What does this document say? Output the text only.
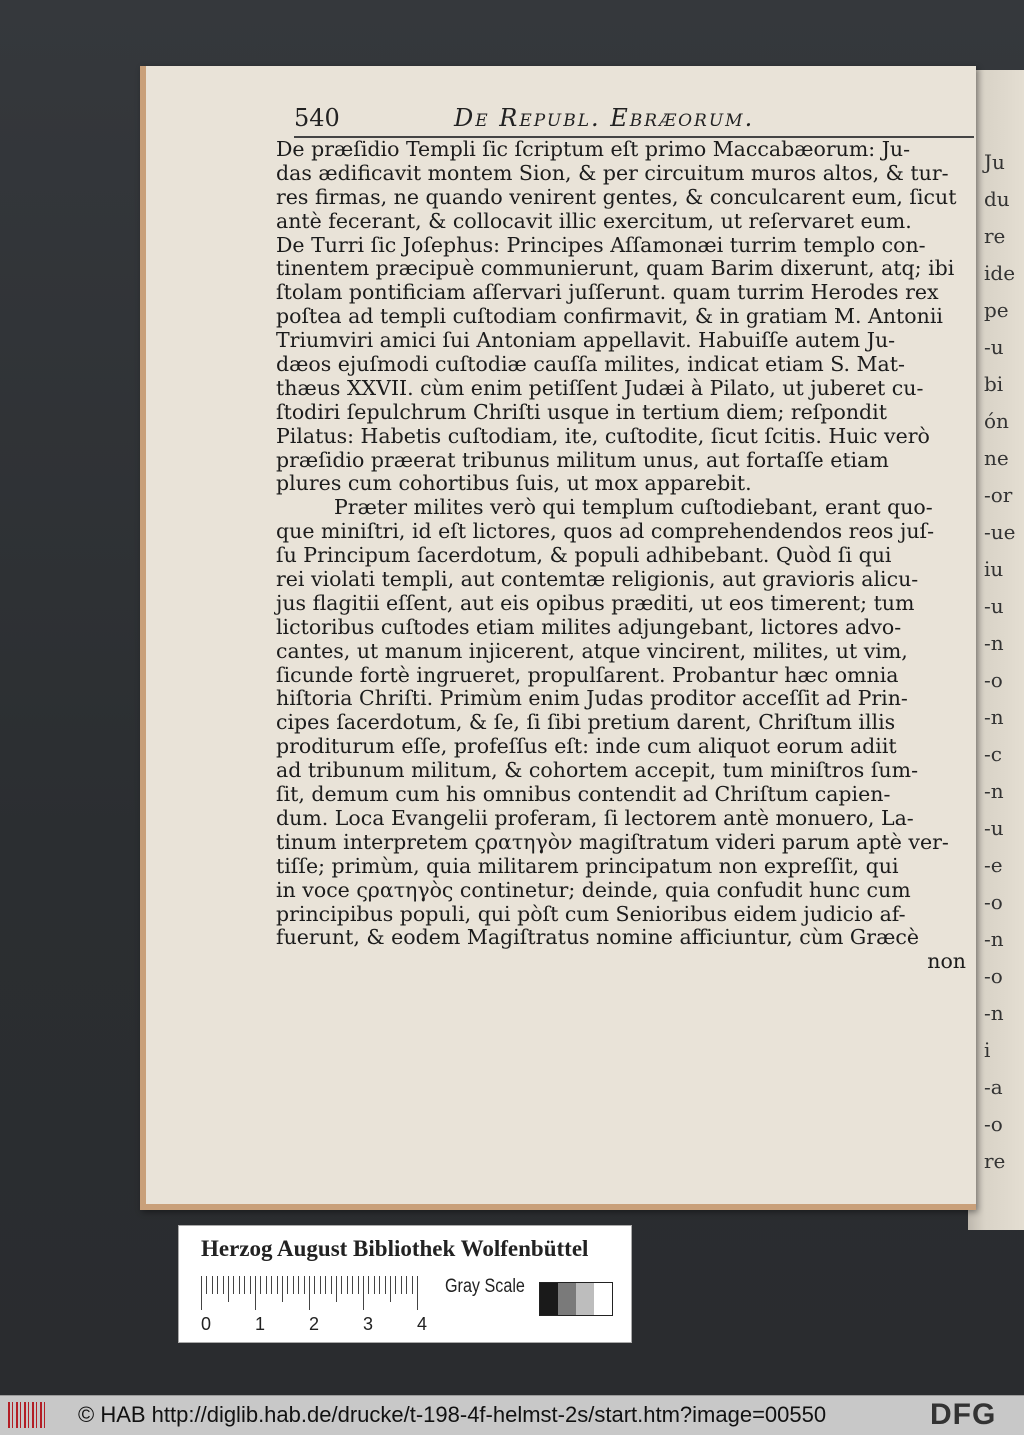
Ju
du
re
ide
pe
-u
bi
ón
ne
-or
-ue
iu
-u
-n
-o
-n
-c
-n
-u
-e
-o
-n
-o
-n
i
-a
-o
re
540	De Republ. Ebræorum.
De præſidio Templi ſic ſcriptum eſt primo Maccabæorum: Ju-
das ædificavit montem Sion, & per circuitum muros altos, & tur-
res firmas, ne quando venirent gentes, & conculcarent eum, ſicut
antè fecerant, & collocavit illic exercitum, ut reſervaret eum.
De Turri ſic Joſephus: Principes Aſſamonæi turrim templo con-
tinentem præcipuè communierunt, quam Barim dixerunt, atq; ibi
ſtolam pontificiam aſſervari juſſerunt. quam turrim Herodes rex
poſtea ad templi cuſtodiam confirmavit, & in gratiam M. Antonii
Triumviri amici ſui Antoniam appellavit. Habuiſſe autem Ju-
dæos ejuſmodi cuſtodiæ cauſſa milites, indicat etiam S. Mat-
thæus XXVII. cùm enim petiſſent Judæi à Pilato, ut juberet cu-
ſtodiri ſepulchrum Chriſti usque in tertium diem; reſpondit
Pilatus: Habetis cuſtodiam, ite, cuſtodite, ſicut ſcitis. Huic verò
præſidio præerat tribunus militum unus, aut fortaſſe etiam
plures cum cohortibus ſuis, ut mox apparebit.
Præter milites verò qui templum cuſtodiebant, erant quo-
que miniſtri, id eſt lictores, quos ad comprehendendos reos juſ-
ſu Principum ſacerdotum, & populi adhibebant. Quòd ſi qui
rei violati templi, aut contemtæ religionis, aut gravioris alicu-
jus flagitii eſſent, aut eis opibus præditi, ut eos timerent; tum
lictoribus cuſtodes etiam milites adjungebant, lictores advo-
cantes, ut manum injicerent, atque vincirent, milites, ut vim,
ſicunde fortè ingrueret, propulſarent. Probantur hæc omnia
hiſtoria Chriſti. Primùm enim Judas proditor acceſſit ad Prin-
cipes ſacerdotum, & ſe, ſi ſibi pretium darent, Chriſtum illis
proditurum eſſe, profeſſus eſt: inde cum aliquot eorum adiit
ad tribunum militum, & cohortem accepit, tum miniſtros ſum-
ſit, demum cum his omnibus contendit ad Chriſtum capien-
dum. Loca Evangelii proferam, ſi lectorem antè monuero, La-
tinum interpretem ςρατηγὸν magiſtratum videri parum aptè ver-
tiſſe; primùm, quia militarem principatum non expreſſit, qui
in voce ςρατηγὸς continetur; deinde, quia confudit hunc cum
principibus populi, qui pòſt cum Senioribus eidem judicio af-
fuerunt, & eodem Magiſtratus nomine afficiuntur, cùm Græcè
non
Herzog August Bibliothek Wolfenbüttel
0 1 2 3 4
Gray Scale
© HAB http://diglib.hab.de/drucke/t-198-4f-helmst-2s/start.htm?image=00550	DFG
